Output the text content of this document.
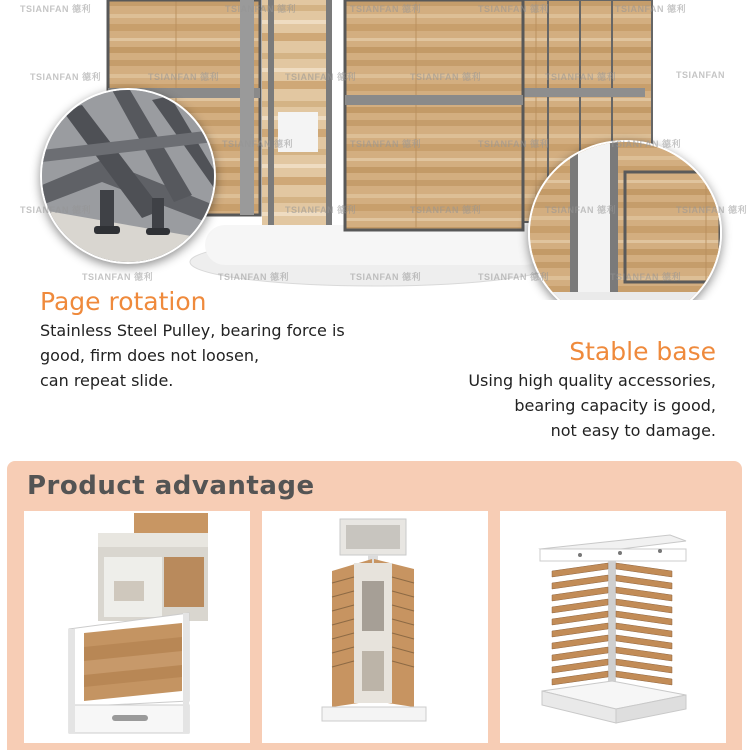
TSIANFAN 德利	TSIANFAN 德利	TSIANFAN 德利	TSIANFAN 德利	TSIANFAN 德利
TSIANFAN 德利	TSIANFAN 德利	TSIANFAN 德利	TSIANFAN 德利	TSIANFAN 德利	TSIANFAN
TSIANFAN 德利	TSIANFAN 德利	TSIANFAN 德利	TSIANFAN 德利
TSIANFAN 德利	TSIANFAN 德利	TSIANFAN 德利	TSIANFAN 德利	TSIANFAN 德利
TSIANFAN 德利	TSIANFAN 德利	TSIANFAN 德利	TSIANFAN 德利	TSIANFAN 德利
Page rotation
Stainless Steel Pulley, bearing force is
good, firm does not loosen,
can repeat slide.
Stable base
Using high quality accessories,
bearing capacity is good,
not easy to damage.
Product advantage
